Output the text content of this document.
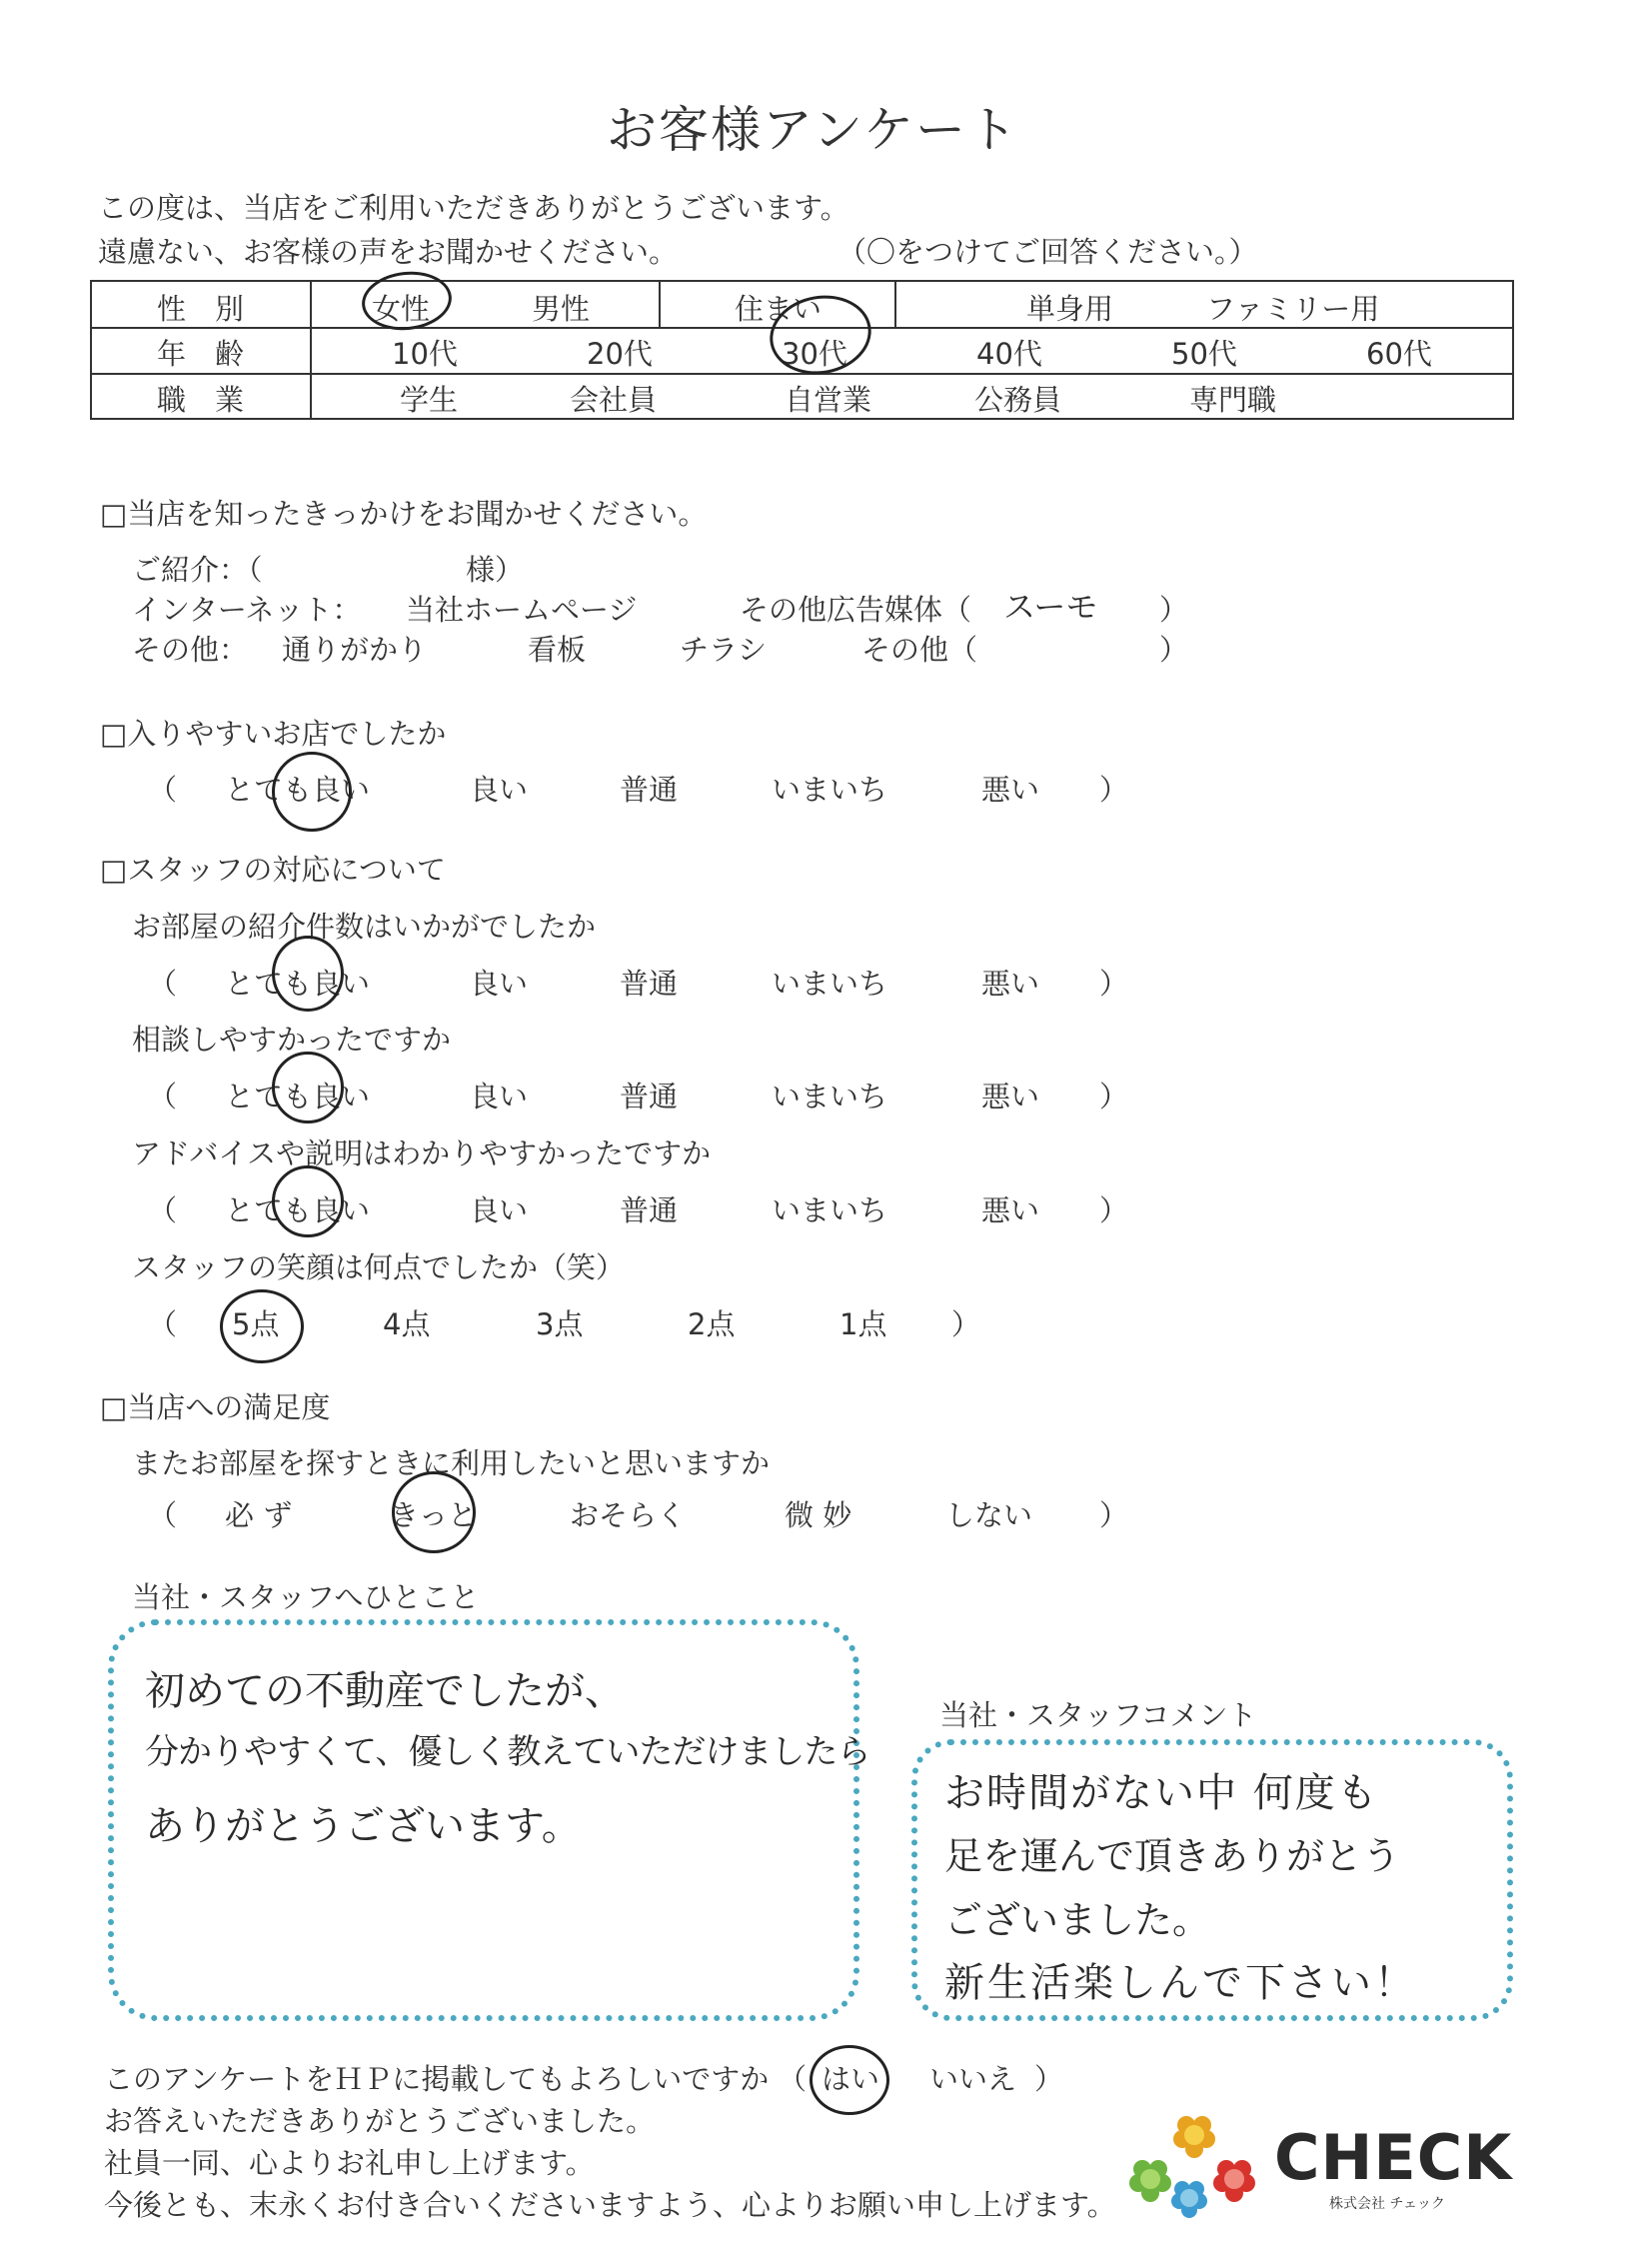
お客様アンケート
この度は、当店をご利用いただきありがとうございます。
遠慮ない、お客様の声をお聞かせください。	（〇をつけてご回答ください。）
性　別	女性	男性	住まい	単身用	ファミリー用
年　齢	10代	20代	30代	40代	50代	60代
職　業	学生	会社員	自営業	公務員	専門職
□当店を知ったきっかけをお聞かせください。
ご紹介：（	様）
インターネット： 当社ホームページ	その他広告媒体（ スーモ ）
その他： 通りがかり	看板	チラシ	その他（	）
□入りやすいお店でしたか
（ とても良い	良い	普通	いまいち	悪い ）
□スタッフの対応について
お部屋の紹介件数はいかがでしたか
（ とても良い	良い	普通	いまいち	悪い ）
相談しやすかったですか
（ とても良い	良い	普通	いまいち	悪い ）
アドバイスや説明はわかりやすかったですか
（ とても良い	良い	普通	いまいち	悪い ）
スタッフの笑顔は何点でしたか（笑）
（ 5点	4点	3点	2点	1点 ）
□当店への満足度
またお部屋を探すときに利用したいと思いますか
（ 必 ず	きっと	おそらく	微 妙	しない ）
当社・スタッフへひとこと
初めての不動産でしたが、
分かりやすくて、優しく教えていただけましたら
ありがとうございます。
当社・スタッフコメント
お時間がない中 何度も
足を運んで頂きありがとう
ございました。
新生活楽しんで下さい！
このアンケートをＨＰに掲載してもよろしいですか （ はい いいえ ）
お答えいただきありがとうございました。
社員一同、心よりお礼申し上げます。
今後とも、末永くお付き合いくださいますよう、心よりお願い申し上げます。
CHECK
株式会社 チェック
